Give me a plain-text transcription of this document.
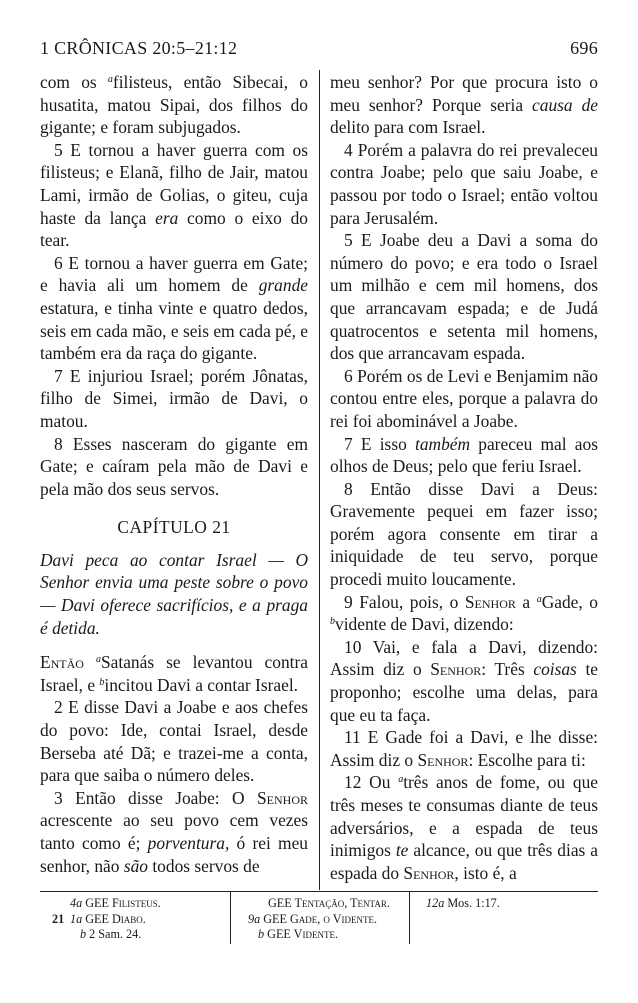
1 CRÔNICAS 20:5–21:12	696

com os $^a$filisteus, então Sibecai, o husatita, matou Sipai, dos filhos do gigante; e foram subjugados.

5 E tornou a haver guerra com os filisteus; e Elanã, filho de Jair, matou Lami, irmão de Golias, o giteu, cuja haste da lança era como o eixo do tear.

6 E tornou a haver guerra em Gate; e havia ali um homem de grande estatura, e tinha vinte e quatro dedos, seis em cada mão, e seis em cada pé, e também era da raça do gigante.

7 E injuriou Israel; porém Jônatas, filho de Simei, irmão de Davi, o matou.

8 Esses nasceram do gigante em Gate; e caíram pela mão de Davi e pela mão dos seus servos.

CAPÍTULO 21

Davi peca ao contar Israel — O Senhor envia uma peste sobre o povo — Davi oferece sacrifícios, e a praga é detida.

Então $^a$Satanás se levantou contra Israel, e $^b$incitou Davi a contar Israel.

2 E disse Davi a Joabe e aos chefes do povo: Ide, contai Israel, desde Berseba até Dã; e trazei-me a conta, para que saiba o número deles.

3 Então disse Joabe: O Senhor acrescente ao seu povo cem vezes tanto como é; porventura, ó rei meu senhor, não são todos servos de

meu senhor? Por que procura isto o meu senhor? Porque seria causa de delito para com Israel.

4 Porém a palavra do rei prevaleceu contra Joabe; pelo que saiu Joabe, e passou por todo o Israel; então voltou para Jerusalém.

5 E Joabe deu a Davi a soma do número do povo; e era todo o Israel um milhão e cem mil homens, dos que arrancavam espada; e de Judá quatrocentos e setenta mil homens, dos que arrancavam espada.

6 Porém os de Levi e Benjamim não contou entre eles, porque a palavra do rei foi abominável a Joabe.

7 E isso também pareceu mal aos olhos de Deus; pelo que feriu Israel.

8 Então disse Davi a Deus: Gravemente pequei em fazer isso; porém agora consente em tirar a iniquidade de teu servo, porque procedi muito loucamente.

9 Falou, pois, o Senhor a $^a$Gade, o $^b$vidente de Davi, dizendo:

10 Vai, e fala a Davi, dizendo: Assim diz o Senhor: Três coisas te proponho; escolhe uma delas, para que eu ta faça.

11 E Gade foi a Davi, e lhe disse: Assim diz o Senhor: Escolhe para ti:

12 Ou $^a$três anos de fome, ou que três meses te consumas diante de teus adversários, e a espada de teus inimigos te alcance, ou que três dias a espada do Senhor, isto é, a

4a GEE Filisteus.
21 1a GEE Diabo.
b 2 Sam. 24.
GEE Tentação, Tentar.
9a GEE Gade, o Vidente.
b GEE Vidente.
12a Mos. 1:17.
